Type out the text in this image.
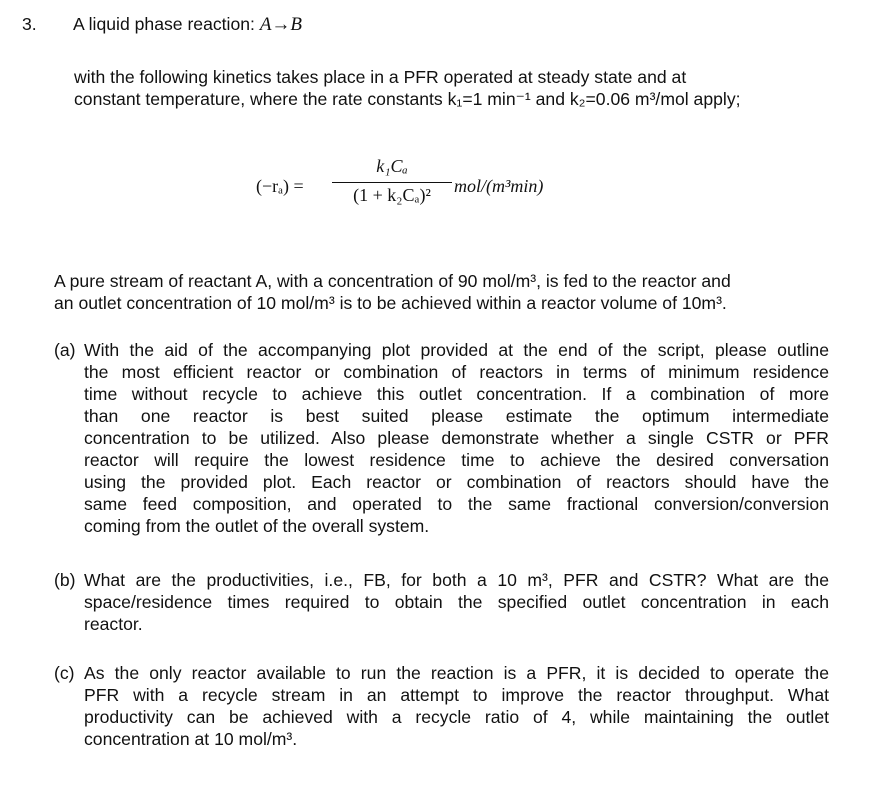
3. A liquid phase reaction: A→B
with the following kinetics takes place in a PFR operated at steady state and at
constant temperature, where the rate constants k₁=1 min⁻¹ and k₂=0.06 m³/mol apply;
(−rₐ) =
k₁Cₐ
(1 + k₂Cₐ)²	mol/(m³min)
A pure stream of reactant A, with a concentration of 90 mol/m³, is fed to the reactor and
an outlet concentration of 10 mol/m³ is to be achieved within a reactor volume of 10m³.
(a) With the aid of the accompanying plot provided at the end of the script, please outline
the most efficient reactor or combination of reactors in terms of minimum residence
time without recycle to achieve this outlet concentration. If a combination of more
than one reactor is best suited please estimate the optimum intermediate
concentration to be utilized. Also please demonstrate whether a single CSTR or PFR
reactor will require the lowest residence time to achieve the desired conversation
using the provided plot. Each reactor or combination of reactors should have the
same feed composition, and operated to the same fractional conversion/conversion
coming from the outlet of the overall system.
(b) What are the productivities, i.e., FB, for both a 10 m³, PFR and CSTR? What are the
space/residence times required to obtain the specified outlet concentration in each
reactor.
(c) As the only reactor available to run the reaction is a PFR, it is decided to operate the
PFR with a recycle stream in an attempt to improve the reactor throughput. What
productivity can be achieved with a recycle ratio of 4, while maintaining the outlet
concentration at 10 mol/m³.
